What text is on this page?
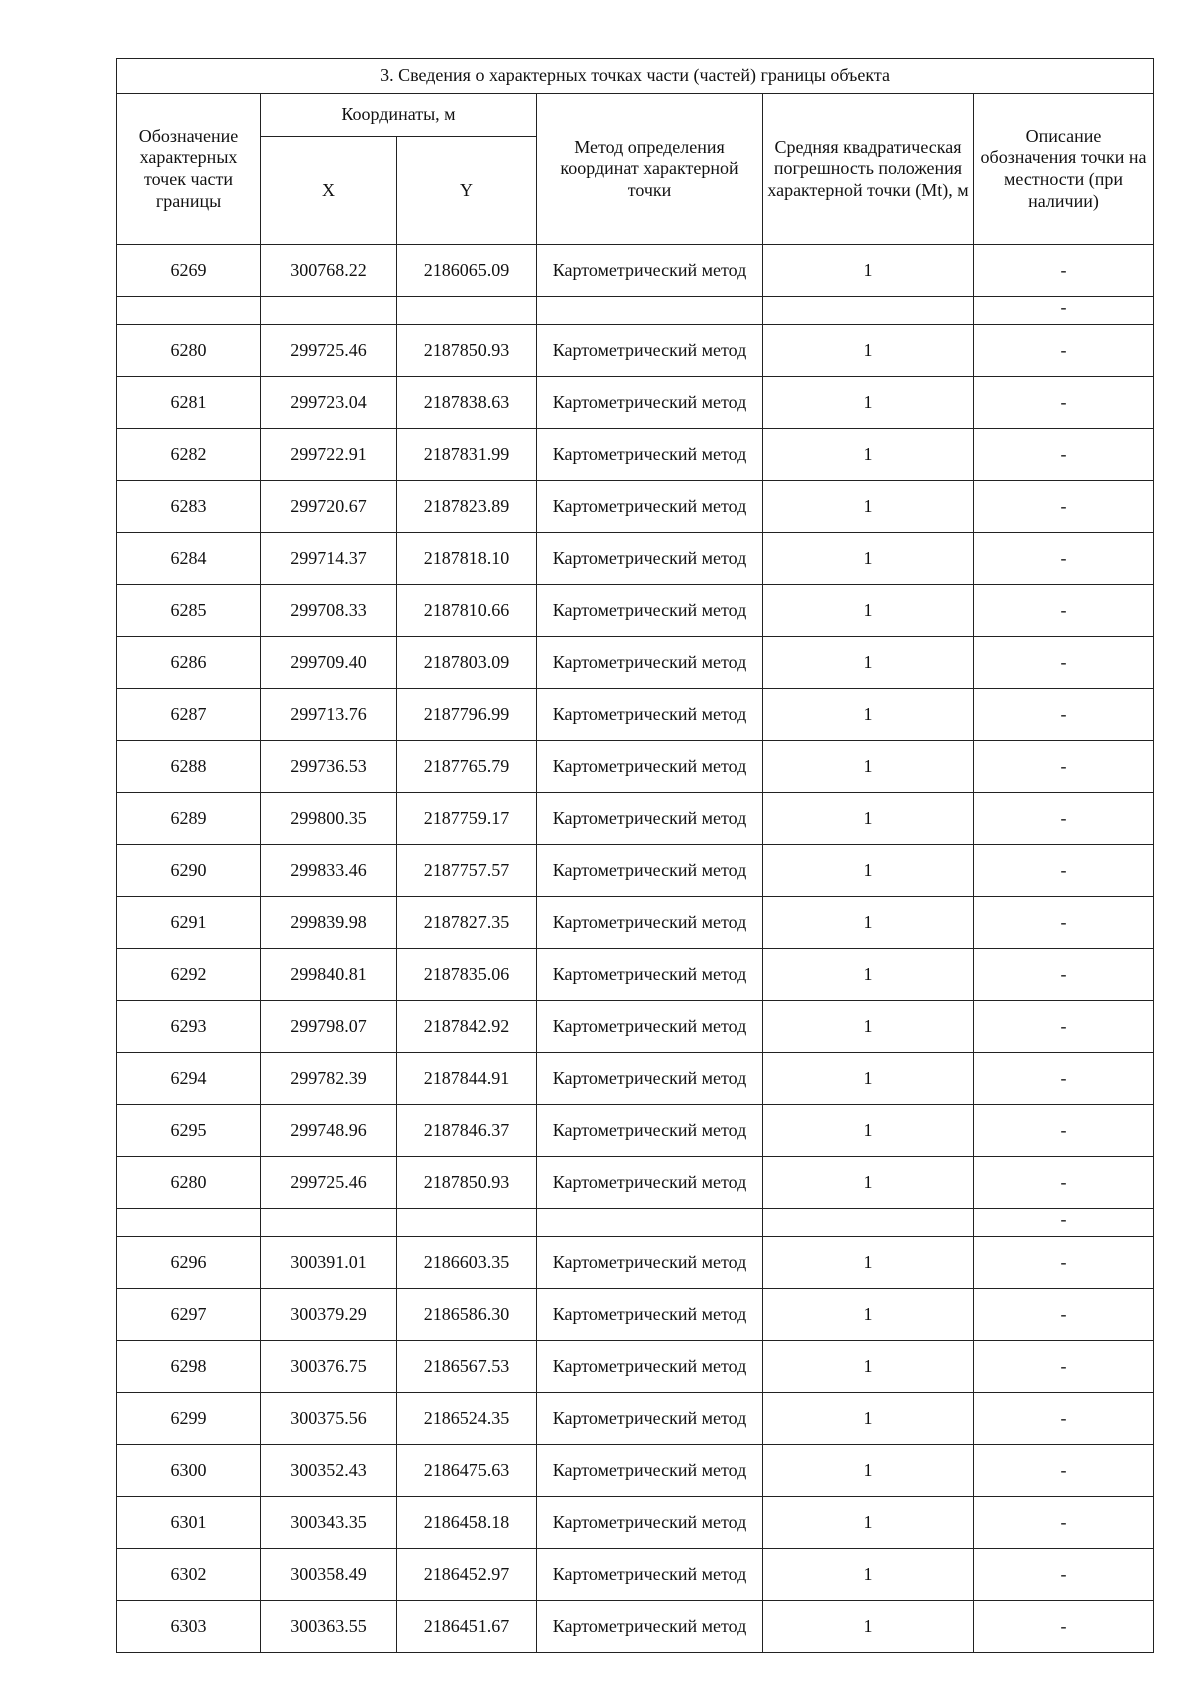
3. Сведения о характерных точках части (частей) границы объекта					
Обозначение характерных точек части границы	Координаты, м		Метод определения координат характерной точки	Средняя квадратическая погрешность положения характерной точки (Mt), м	Описание обозначения точки на местности (при наличии)
	X	Y			
6269	300768.22	2186065.09	Картометрический метод	1	-
					-
6280	299725.46	2187850.93	Картометрический метод	1	-
6281	299723.04	2187838.63	Картометрический метод	1	-
6282	299722.91	2187831.99	Картометрический метод	1	-
6283	299720.67	2187823.89	Картометрический метод	1	-
6284	299714.37	2187818.10	Картометрический метод	1	-
6285	299708.33	2187810.66	Картометрический метод	1	-
6286	299709.40	2187803.09	Картометрический метод	1	-
6287	299713.76	2187796.99	Картометрический метод	1	-
6288	299736.53	2187765.79	Картометрический метод	1	-
6289	299800.35	2187759.17	Картометрический метод	1	-
6290	299833.46	2187757.57	Картометрический метод	1	-
6291	299839.98	2187827.35	Картометрический метод	1	-
6292	299840.81	2187835.06	Картометрический метод	1	-
6293	299798.07	2187842.92	Картометрический метод	1	-
6294	299782.39	2187844.91	Картометрический метод	1	-
6295	299748.96	2187846.37	Картометрический метод	1	-
6280	299725.46	2187850.93	Картометрический метод	1	-
					-
6296	300391.01	2186603.35	Картометрический метод	1	-
6297	300379.29	2186586.30	Картометрический метод	1	-
6298	300376.75	2186567.53	Картометрический метод	1	-
6299	300375.56	2186524.35	Картометрический метод	1	-
6300	300352.43	2186475.63	Картометрический метод	1	-
6301	300343.35	2186458.18	Картометрический метод	1	-
6302	300358.49	2186452.97	Картометрический метод	1	-
6303	300363.55	2186451.67	Картометрический метод	1	-
